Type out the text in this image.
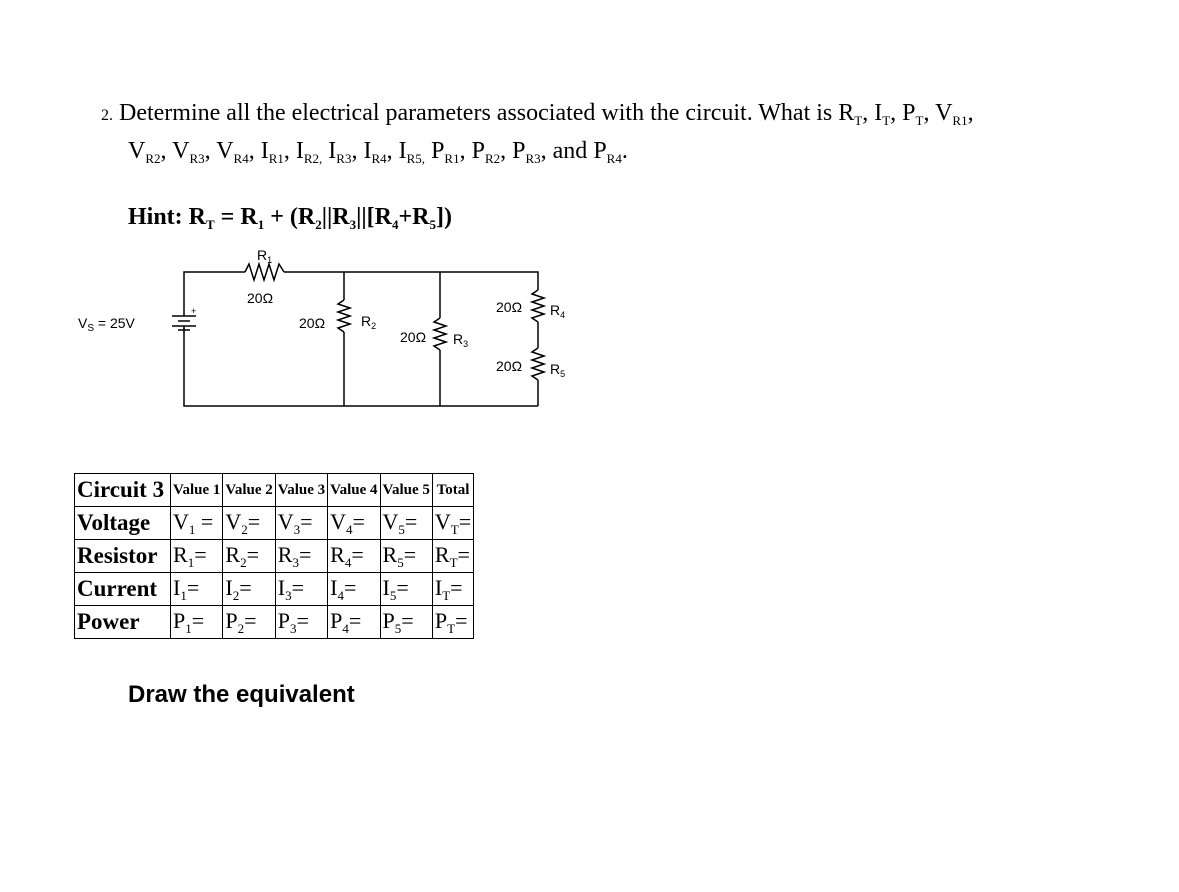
2. Determine all the electrical parameters associated with the circuit. What is $R_T$, $I_T$, $P_T$, $V_{R1}$,
$V_{R2}$, $V_{R3}$, $V_{R4}$, $I_{R1}$, $I_{R2,}$ $I_{R3}$, $I_{R4}$, $I_{R5,}$ $P_{R1}$, $P_{R2}$, $P_{R3}$, and $P_{R4}$.
Hint: $R_T = R_1 + (R_2||R_3||[R_4+R_5])$
+
$V_S = 25V$
$R_1$
20Ω
20Ω	$R_2$
20Ω $R_3$
20Ω $R_4$
20Ω $R_5$
Circuit 3	Value 1	Value 2	Value 3	Value 4	Value 5	Total
Voltage	$V_1$ =	$V_2=$	$V_3=$	$V_4=$	$V_5=$	$V_T=$
Resistor	$R_1=$	$R_2=$	$R_3=$	$R_4=$	$R_5=$	$R_T=$
Current	$I_1=$	$I_2=$	$I_3=$	$I_4=$	$I_5=$	$I_T=$
Power	$P_1=$	$P_2=$	$P_3=$	$P_4=$	$P_5=$	$P_T=$
Draw the equivalent
